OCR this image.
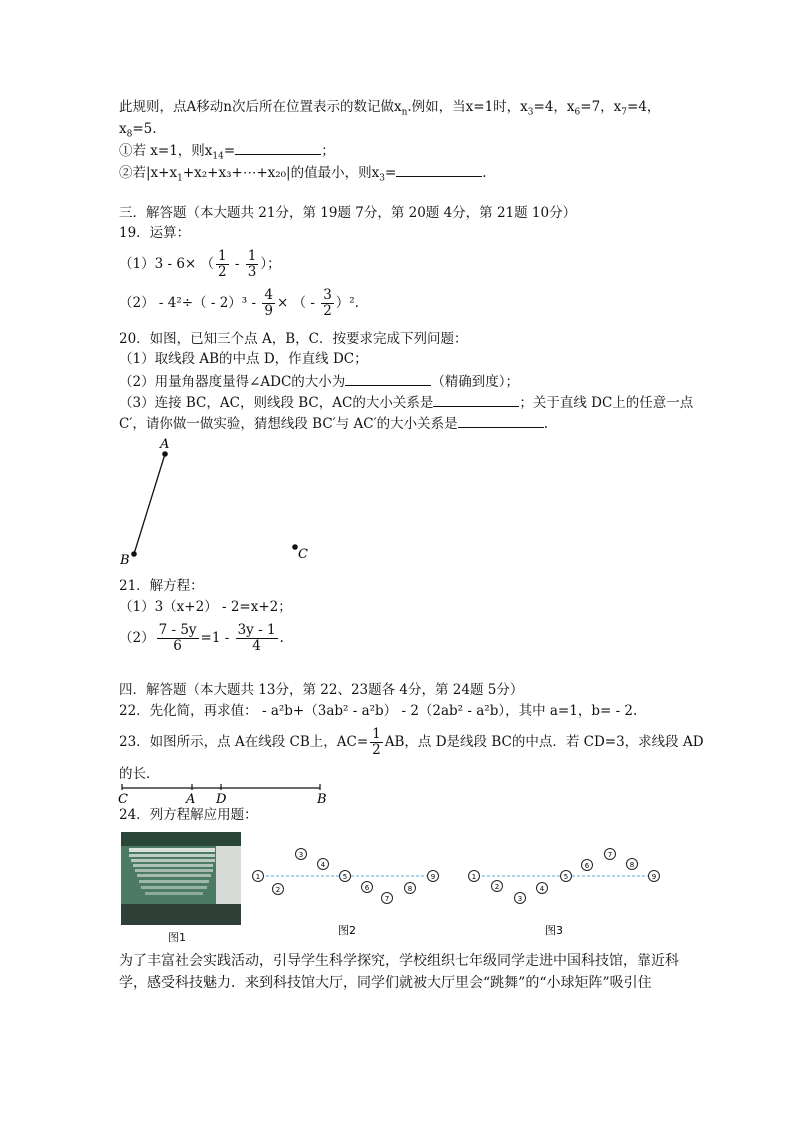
此规则，点A移动n次后所在位置表示的数记做$x_n$.例如，当x=1时，$x_3=4$，$x_6=7$，$x_7=4$，
$x_8=5$.
①若 x=1，则$x_{14}=$	；
②若$|x+x_1+x_2+x_3+\cdots+x_{20}|$的值最小，则$x_3=$	.
三．解答题（本大题共 21分，第 19题 7分，第 20题 4分，第 21题 10分）
19．运算：
（1）3 - 6× （ $\frac{1}{2} - \frac{1}{3}$ ）；
$(2) - 4^2\div( - 2)^3 - \frac{4}{9}$ × （ - $\frac{3}{2} )^2$．
20．如图，已知三个点 A，B，C．按要求完成下列问题：
（1）取线段 AB的中点 D，作直线 DC；
（2）用量角器度量得∠ADC的大小为	（精确到度）；
（3）连接 BC，AC，则线段 BC，AC的大小关系是	；关于直线 DC上的任意一点
C′，请你做一做实验，猜想线段 BC′与 AC′的大小关系是	.
A
B	C
21．解方程：
（1）3（x+2） - 2=x+2；
$(2) \frac{7 - 5y}{6} =1 - \frac{3y - 1}{4}$ .
四．解答题（本大题共 13分，第 22、23题各 4分，第 24题 5分）
22．先化简，再求值： - a²b+（3ab² - a²b） - 2（2ab² - a²b），其中 a=1，b= - 2.
23．如图所示，点 A在线段 CB上，$AC= \frac{1}{2}$ AB，点 D是线段 BC的中点．若 CD=3，求线段 AD
的长．
C	A D	B
24．列方程解应用题：
图1
1
2
3
4
5
6
7
8
9	1
2
3
4
5
6
7
8
9
图2	图3
为了丰富社会实践活动，引导学生科学探究，学校组织七年级同学走进中国科技馆，靠近科
学，感受科技魅力．来到科技馆大厅，同学们就被大厅里会“跳舞”的“小球矩阵”吸引住
